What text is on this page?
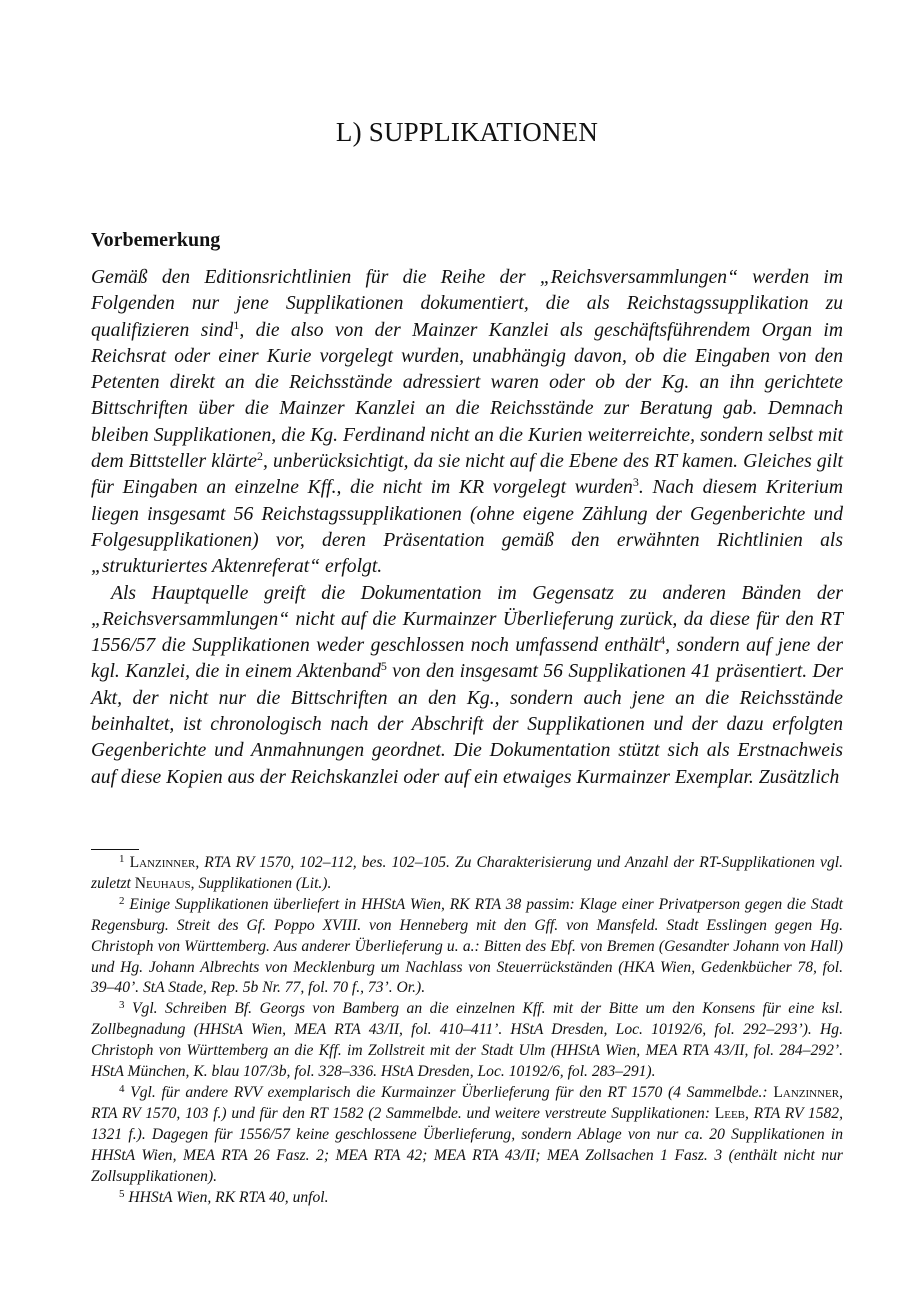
L) SUPPLIKATIONEN
Vorbemerkung

Gemäß den Editionsrichtlinien für die Reihe der „Reichsversammlungen“ werden im Folgenden nur jene Supplikationen dokumentiert, die als Reichstagssupplikation zu qualifizieren sind$^1$, die also von der Mainzer Kanzlei als geschäftsführendem Organ im Reichsrat oder einer Kurie vorgelegt wurden, unabhängig davon, ob die Eingaben von den Petenten direkt an die Reichsstände adressiert waren oder ob der Kg. an ihn gerichtete Bittschriften über die Mainzer Kanzlei an die Reichsstände zur Beratung gab. Demnach bleiben Supplikationen, die Kg. Ferdinand nicht an die Kurien weiterreichte, sondern selbst mit dem Bittsteller klärte$^2$, unberücksichtigt, da sie nicht auf die Ebene des RT kamen. Gleiches gilt für Eingaben an einzelne Kff., die nicht im KR vorgelegt wurden$^3$. Nach diesem Kriterium liegen insgesamt 56 Reichstagssupplikationen (ohne eigene Zählung der Gegenberichte und Folgesupplikationen) vor, deren Präsentation gemäß den erwähnten Richtlinien als „strukturiertes Aktenreferat“ erfolgt.

Als Hauptquelle greift die Dokumentation im Gegensatz zu anderen Bänden der „Reichsversammlungen“ nicht auf die Kurmainzer Überlieferung zurück, da diese für den RT 1556/57 die Supplikationen weder geschlossen noch umfassend enthält$^4$, sondern auf jene der kgl. Kanzlei, die in einem Aktenband$^5$ von den insgesamt 56 Supplikationen 41 präsentiert. Der Akt, der nicht nur die Bittschriften an den Kg., sondern auch jene an die Reichsstände beinhaltet, ist chronologisch nach der Abschrift der Supplikationen und der dazu erfolgten Gegenberichte und Anmahnungen geordnet. Die Dokumentation stützt sich als Erstnachweis auf diese Kopien aus der Reichskanzlei oder auf ein etwaiges Kurmainzer Exemplar. Zusätzlich

$^1$ Lanzinner, RTA RV 1570, 102–112, bes. 102–105. Zu Charakterisierung und Anzahl der RT-Supplikationen vgl. zuletzt Neuhaus, Supplikationen (Lit.).

$^2$ Einige Supplikationen überliefert in HHStA Wien, RK RTA 38 passim: Klage einer Privatperson gegen die Stadt Regensburg. Streit des Gf. Poppo XVIII. von Henneberg mit den Gff. von Mansfeld. Stadt Esslingen gegen Hg. Christoph von Württemberg. Aus anderer Überlieferung u. a.: Bitten des Ebf. von Bremen (Gesandter Johann von Hall) und Hg. Johann Albrechts von Mecklenburg um Nachlass von Steuerrückständen (HKA Wien, Gedenkbücher 78, fol. 39–40’. StA Stade, Rep. 5b Nr. 77, fol. 70 f., 73’. Or.).

$^3$ Vgl. Schreiben Bf. Georgs von Bamberg an die einzelnen Kff. mit der Bitte um den Konsens für eine ksl. Zollbegnadung (HHStA Wien, MEA RTA 43/II, fol. 410–411’. HStA Dresden, Loc. 10192/6, fol. 292–293’). Hg. Christoph von Württemberg an die Kff. im Zollstreit mit der Stadt Ulm (HHStA Wien, MEA RTA 43/II, fol. 284–292’. HStA München, K. blau 107/3b, fol. 328–336. HStA Dresden, Loc. 10192/6, fol. 283–291).

$^4$ Vgl. für andere RVV exemplarisch die Kurmainzer Überlieferung für den RT 1570 (4 Sammelbde.: Lanzinner, RTA RV 1570, 103 f.) und für den RT 1582 (2 Sammelbde. und weitere verstreute Supplikationen: Leeb, RTA RV 1582, 1321 f.). Dagegen für 1556/57 keine geschlossene Überlieferung, sondern Ablage von nur ca. 20 Supplikationen in HHStA Wien, MEA RTA 26 Fasz. 2; MEA RTA 42; MEA RTA 43/II; MEA Zollsachen 1 Fasz. 3 (enthält nicht nur Zollsupplikationen).

$^5$ HHStA Wien, RK RTA 40, unfol.
